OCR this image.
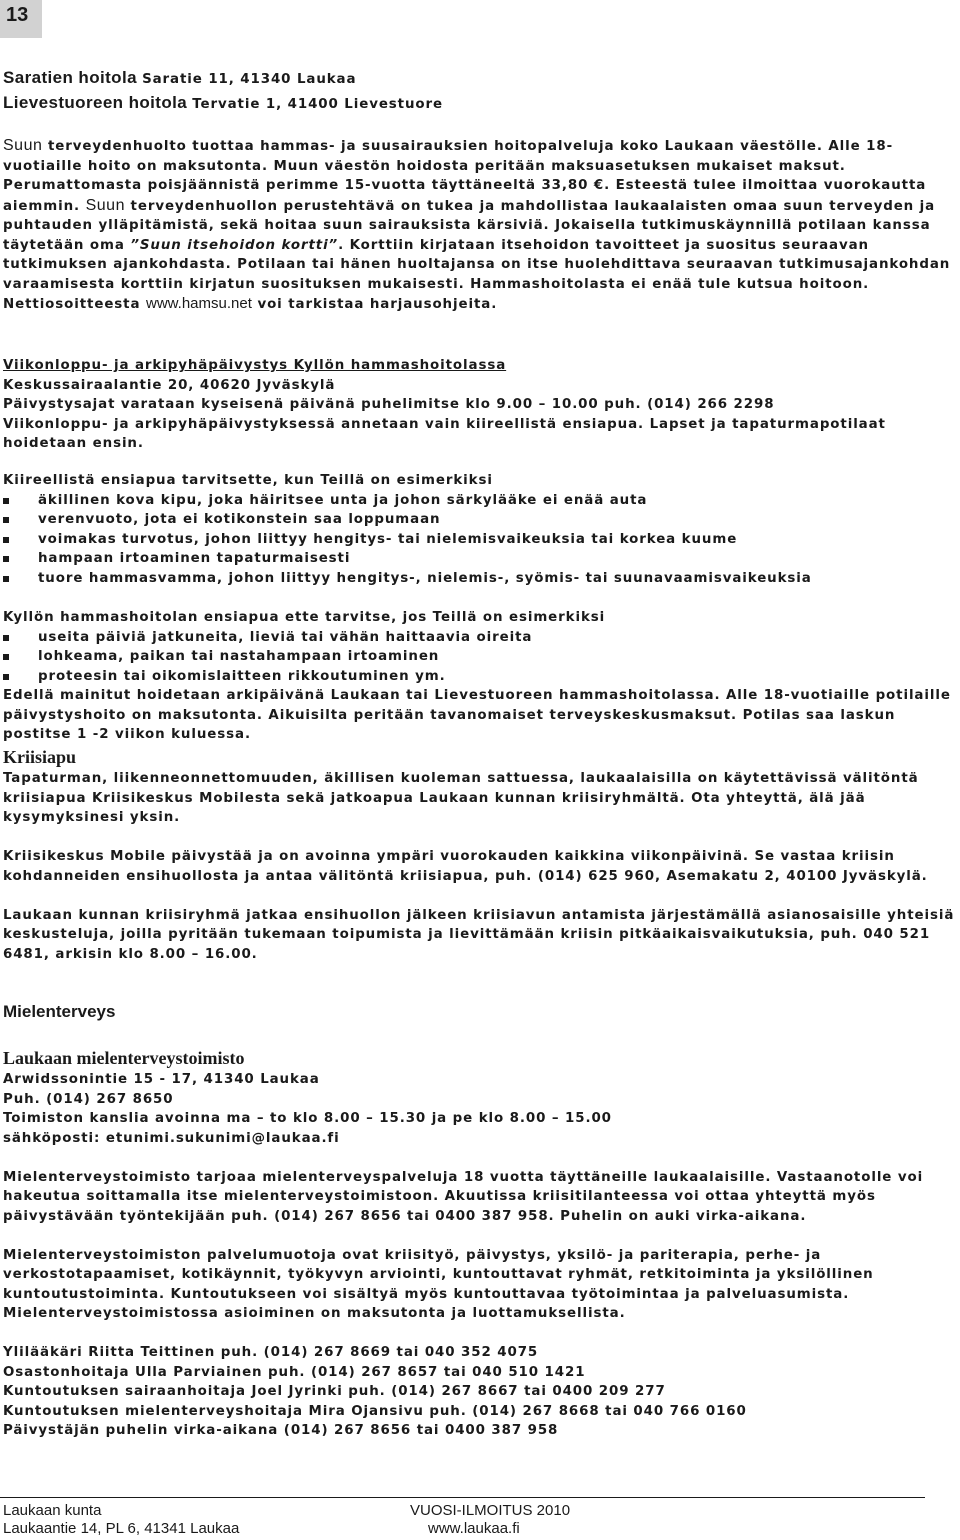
13
Saratien hoitola Saratie 11, 41340 Laukaa
Lievestuoreen hoitola Tervatie 1, 41400 Lievestuore

Suun terveydenhuolto tuottaa hammas- ja suusairauksien hoitopalveluja koko Laukaan väestölle. Alle 18-vuotiaille hoito on maksutonta. Muun väestön hoidosta peritään maksuasetuksen mukaiset maksut. Perumattomasta poisjäännistä perimme 15-vuotta täyttäneeltä 33,80 €. Esteestä tulee ilmoittaa vuorokautta aiemmin. Suun terveydenhuollon perustehtävä on tukea ja mahdollistaa laukaalaisten omaa suun terveyden ja puhtauden ylläpitämistä, sekä hoitaa suun sairauksista kärsiviä. Jokaisella tutkimuskäynnillä potilaan kanssa täytetään oma ”Suun itsehoidon kortti”. Korttiin kirjataan itsehoidon tavoitteet ja suositus seuraavan tutkimuksen ajankohdasta. Potilaan tai hänen huoltajansa on itse huolehdittava seuraavan tutkimusajankohdan varaamisesta korttiin kirjatun suosituksen mukaisesti. Hammashoitolasta ei enää tule kutsua hoitoon. Nettiosoitteesta www.hamsu.net voi tarkistaa harjausohjeita.

Viikonloppu- ja arkipyhäpäivystys Kyllön hammashoitolassa

Keskussairaalantie 20, 40620 Jyväskylä

Päivystysajat varataan kyseisenä päivänä puhelimitse klo 9.00 – 10.00 puh. (014) 266 2298

Viikonloppu- ja arkipyhäpäivystyksessä annetaan vain kiireellistä ensiapua. Lapset ja tapaturmapotilaat hoidetaan ensin.

Kiireellistä ensiapua tarvitsette, kun Teillä on esimerkiksi

äkillinen kova kipu, joka häiritsee unta ja johon särkylääke ei enää auta
verenvuoto, jota ei kotikonstein saa loppumaan
voimakas turvotus, johon liittyy hengitys- tai nielemisvaikeuksia tai korkea kuume
hampaan irtoaminen tapaturmaisesti
tuore hammasvamma, johon liittyy hengitys-, nielemis-, syömis- tai suunavaamisvaikeuksia

Kyllön hammashoitolan ensiapua ette tarvitse, jos Teillä on esimerkiksi

useita päiviä jatkuneita, lieviä tai vähän haittaavia oireita
lohkeama, paikan tai nastahampaan irtoaminen
proteesin tai oikomislaitteen rikkoutuminen ym.

Edellä mainitut hoidetaan arkipäivänä Laukaan tai Lievestuoreen hammashoitolassa. Alle 18-vuotiaille potilaille päivystyshoito on maksutonta. Aikuisilta peritään tavanomaiset terveyskeskusmaksut. Potilas saa laskun postitse 1 -2 viikon kuluessa.

Kriisiapu

Tapaturman, liikenneonnettomuuden, äkillisen kuoleman sattuessa, laukaalaisilla on käytettävissä välitöntä kriisiapua Kriisikeskus Mobilesta sekä jatkoapua Laukaan kunnan kriisiryhmältä. Ota yhteyttä, älä jää kysymyksinesi yksin.

Kriisikeskus Mobile päivystää ja on avoinna ympäri vuorokauden kaikkina viikonpäivinä. Se vastaa kriisin kohdanneiden ensihuollosta ja antaa välitöntä kriisiapua, puh. (014) 625 960, Asemakatu 2, 40100 Jyväskylä.

Laukaan kunnan kriisiryhmä jatkaa ensihuollon jälkeen kriisiavun antamista järjestämällä asianosaisille yhteisiä keskusteluja, joilla pyritään tukemaan toipumista ja lievittämään kriisin pitkäaikaisvaikutuksia, puh. 040 521 6481, arkisin klo 8.00 – 16.00.

Mielenterveys
Laukaan mielenterveystoimisto

Arwidssonintie 15 - 17, 41340 Laukaa

Puh. (014) 267 8650

Toimiston kanslia avoinna ma – to klo 8.00 – 15.30 ja pe klo 8.00 – 15.00

sähköposti: etunimi.sukunimi@laukaa.fi

Mielenterveystoimisto tarjoaa mielenterveyspalveluja 18 vuotta täyttäneille laukaalaisille. Vastaanotolle voi hakeutua soittamalla itse mielenterveystoimistoon. Akuutissa kriisitilanteessa voi ottaa yhteyttä myös päivystävään työntekijään puh. (014) 267 8656 tai 0400 387 958. Puhelin on auki virka-aikana.

Mielenterveystoimiston palvelumuotoja ovat kriisityö, päivystys, yksilö- ja pariterapia, perhe- ja verkostotapaamiset, kotikäynnit, työkyvyn arviointi, kuntouttavat ryhmät, retkitoiminta ja yksilöllinen kuntoutustoiminta. Kuntoutukseen voi sisältyä myös kuntouttavaa työtoimintaa ja palveluasumista. Mielenterveystoimistossa asioiminen on maksutonta ja luottamuksellista.

Ylilääkäri Riitta Teittinen puh. (014) 267 8669 tai 040 352 4075

Osastonhoitaja Ulla Parviainen puh. (014) 267 8657 tai 040 510 1421

Kuntoutuksen sairaanhoitaja Joel Jyrinki puh. (014) 267 8667 tai 0400 209 277

Kuntoutuksen mielenterveyshoitaja Mira Ojansivu puh. (014) 267 8668 tai 040 766 0160

Päivystäjän puhelin virka-aikana (014) 267 8656 tai 0400 387 958

Laukaan kunta
Laukaantie 14, PL 6, 41341 Laukaa
VUOSI-ILMOITUS 2010
www.laukaa.fi
